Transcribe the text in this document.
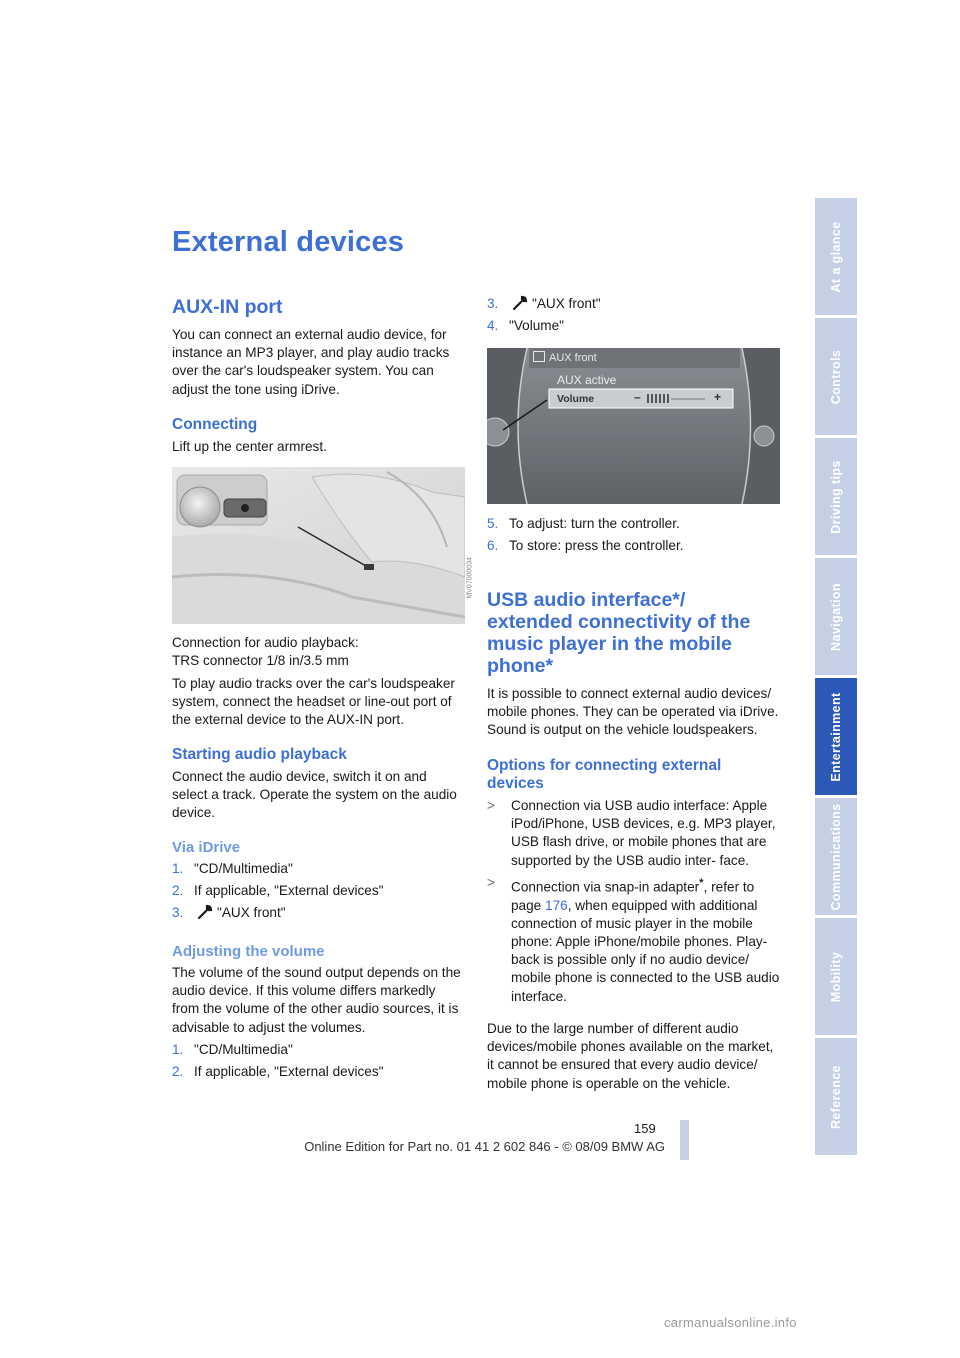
External devices
AUX-IN port
You can connect an external audio device, for instance an MP3 player, and play audio tracks over the car's loudspeaker system. You can adjust the tone using iDrive.
Connecting
Lift up the center armrest.
MV07000034
Connection for audio playback:
TRS connector 1/8 in/3.5 mm
To play audio tracks over the car's loudspeaker system, connect the headset or line-out port of the external device to the AUX-IN port.
Starting audio playback
Connect the audio device, switch it on and select a track. Operate the system on the audio device.
Via iDrive
1. "CD/Multimedia"
2. If applicable, "External devices"
3.	"AUX front"
Adjusting the volume
The volume of the sound output depends on the audio device. If this volume differs markedly from the volume of the other audio sources, it is advisable to adjust the volumes.
1. "CD/Multimedia"
2. If applicable, "External devices"
3.	"AUX front"
4. "Volume"
AUX front
AUX active
Volume	–	+
5. To adjust: turn the controller.
6. To store: press the controller.
USB audio interface*/
extended connectivity of the
music player in the mobile
phone*
It is possible to connect external audio devices/ mobile phones. They can be operated via iDrive. Sound is output on the vehicle loudspeakers.
Options for connecting external
devices
> Connection via USB audio interface: Apple iPod/iPhone, USB devices, e.g. MP3 player, USB flash drive, or mobile phones that are supported by the USB audio inter- face.
> Connection via snap-in adapter*, refer to page 176, when equipped with additional connection of music player in the mobile phone: Apple iPhone/mobile phones. Play- back is possible only if no audio device/ mobile phone is connected to the USB audio interface.
Due to the large number of different audio devices/mobile phones available on the market, it cannot be ensured that every audio device/ mobile phone is operable on the vehicle.
At a glance
Controls
Driving tips
Navigation
Entertainment
Communications
Mobility
Reference
159
Online Edition for Part no. 01 41 2 602 846 - © 08/09 BMW AG
carmanualsonline.info
